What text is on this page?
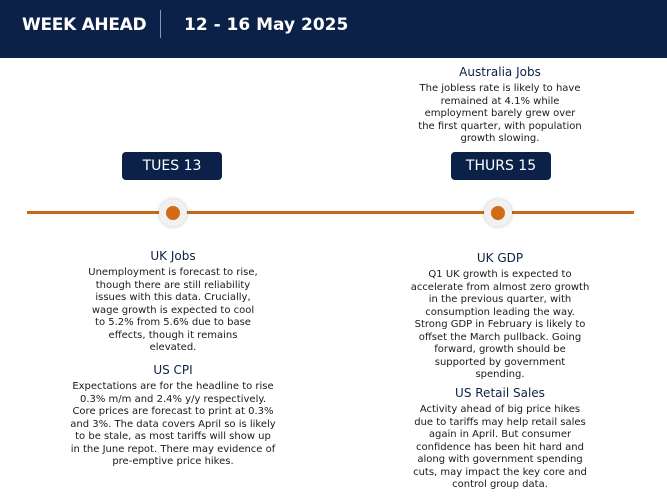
WEEK AHEAD 12 - 16 May 2025
Australia Jobs
The jobless rate is likely to have remained at 4.1% while employment barely grew over the first quarter, with population growth slowing.
TUES 13	THURS 15
UK Jobs
Unemployment is forecast to rise, though there are still reliability issues with this data. Crucially, wage growth is expected to cool to 5.2% from 5.6% due to base effects, though it remains elevated.
US CPI
Expectations are for the headline to rise 0.3% m/m and 2.4% y/y respectively. Core prices are forecast to print at 0.3% and 3%. The data covers April so is likely to be stale, as most tariffs will show up in the June repot. There may evidence of pre-emptive price hikes.
UK GDP
Q1 UK growth is expected to accelerate from almost zero growth in the previous quarter, with consumption leading the way. Strong GDP in February is likely to offset the March pullback. Going forward, growth should be supported by government spending.
US Retail Sales
Activity ahead of big price hikes due to tariffs may help retail sales again in April. But consumer confidence has been hit hard and along with government spending cuts, may impact the key core and control group data.
